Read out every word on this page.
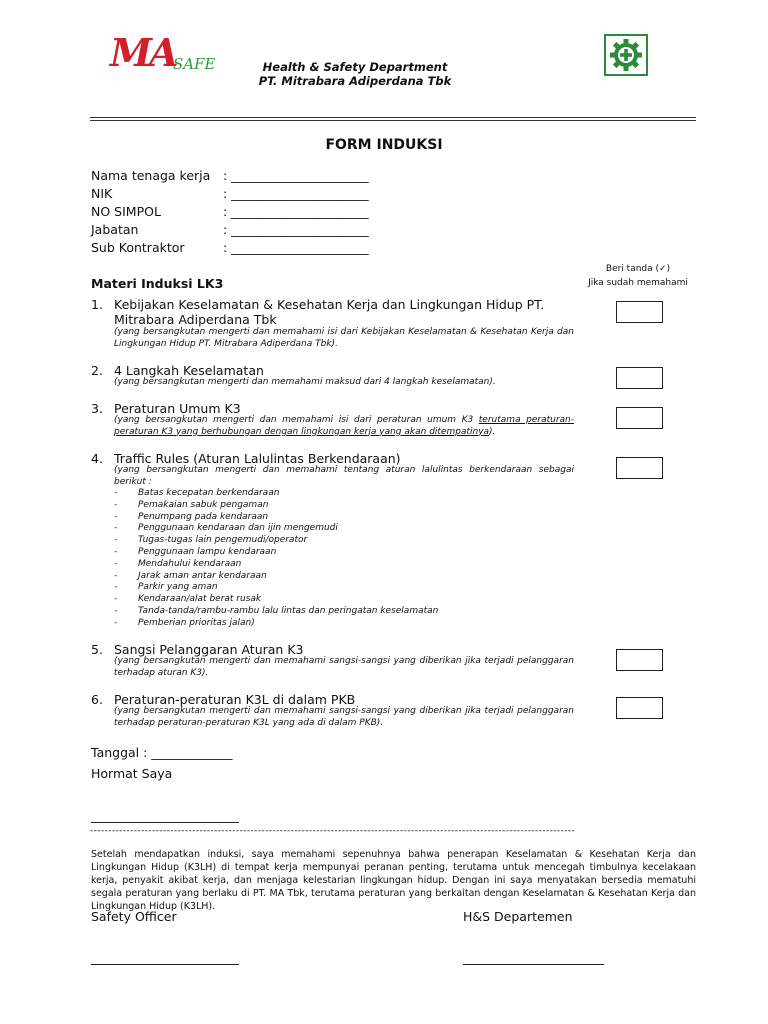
MA
SAFE	Health & Safety Department
PT. Mitrabara Adiperdana Tbk
FORM INDUKSI
Nama tenaga kerja : ______________________
NIK	: ______________________
NO SIMPOL	: ______________________
Jabatan	: ______________________
Sub Kontraktor	: ______________________
Materi Induksi LK3
Beri tanda (✓)
Jika sudah memahami
1. Kebijakan Keselamatan & Kesehatan Kerja dan Lingkungan Hidup PT. Mitrabara Adiperdana Tbk
(yang bersangkutan mengerti dan memahami isi dari Kebijakan Keselamatan & Kesehatan Kerja dan Lingkungan Hidup PT. Mitrabara Adiperdana Tbk).
2. 4 Langkah Keselamatan
(yang bersangkutan mengerti dan memahami maksud dari 4 langkah keselamatan).
3. Peraturan Umum K3
(yang bersangkutan mengerti dan memahami isi dari peraturan umum K3 terutama peraturan-peraturan K3 yang berhubungan dengan lingkungan kerja yang akan ditempatinya).
4. Traffic Rules (Aturan Lalulintas Berkendaraan)
(yang bersangkutan mengerti dan memahami tentang aturan lalulintas berkendaraan sebagai berikut :
- Batas kecepatan berkendaraan
- Pemakaian sabuk pengaman
- Penumpang pada kendaraan
- Penggunaan kendaraan dan ijin mengemudi
- Tugas-tugas lain pengemudi/operator
- Penggunaan lampu kendaraan
- Mendahului kendaraan
- Jarak aman antar kendaraan
- Parkir yang aman
- Kendaraan/alat berat rusak
- Tanda-tanda/rambu-rambu lalu lintas dan peringatan keselamatan
- Pemberian prioritas jalan)
5. Sangsi Pelanggaran Aturan K3
(yang bersangkutan mengerti dan memahami sangsi-sangsi yang diberikan jika terjadi pelanggaran terhadap aturan K3).
6. Peraturan-peraturan K3L di dalam PKB
(yang bersangkutan mengerti dan memahami sangsi-sangsi yang diberikan jika terjadi pelanggaran terhadap peraturan-peraturan K3L yang ada di dalam PKB).
Tanggal : _____________
Hormat Saya
-------------------------------------------------------------------------------------------------------------------------------------
Setelah mendapatkan induksi, saya memahami sepenuhnya bahwa penerapan Keselamatan & Kesehatan Kerja dan Lingkungan Hidup (K3LH) di tempat kerja mempunyai peranan penting, terutama untuk mencegah timbulnya kecelakaan kerja, penyakit akibat kerja, dan menjaga kelestarian lingkungan hidup. Dengan ini saya menyatakan bersedia mematuhi segala peraturan yang berlaku di PT. MA Tbk, terutama peraturan yang berkaitan dengan Keselamatan & Kesehatan Kerja dan Lingkungan Hidup (K3LH).
Safety Officer	H&S Departemen
